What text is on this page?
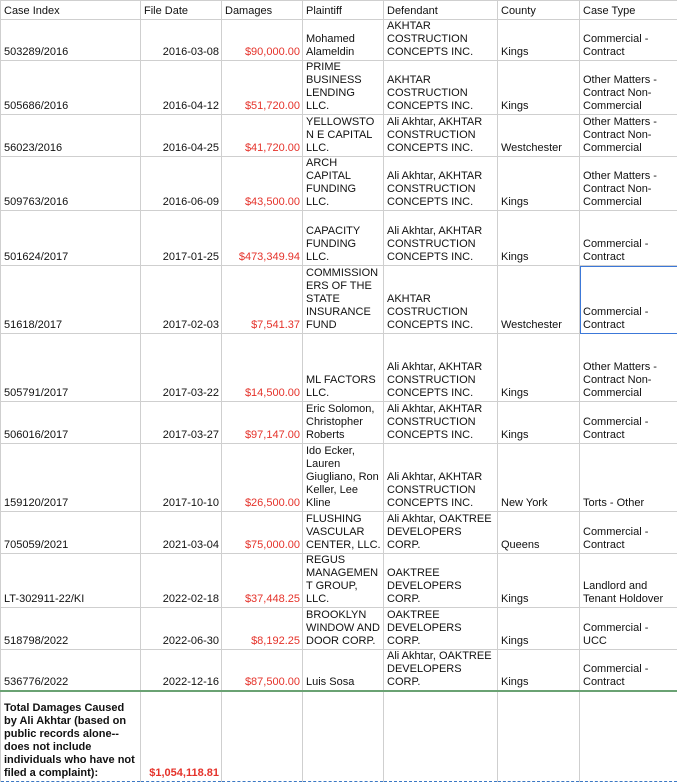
Case Index	File Date	Damages	Plaintiff	Defendant	County	Case Type
503289/2016	2016-03-08	$90,000.00	Mohamed Alameldin	AKHTAR COSTRUCTION CONCEPTS INC.	Kings	Commercial - Contract
505686/2016	2016-04-12	$51,720.00	PRIME BUSINESS LENDING LLC.	AKHTAR COSTRUCTION CONCEPTS INC.	Kings	Other Matters - Contract Non-Commercial
56023/2016	2016-04-25	$41,720.00	YELLOWSTON E CAPITAL LLC.	Ali Akhtar, AKHTAR CONSTRUCTION CONCEPTS INC.	Westchester	Other Matters - Contract Non-Commercial
509763/2016	2016-06-09	$43,500.00	ARCH CAPITAL FUNDING LLC.	Ali Akhtar, AKHTAR CONSTRUCTION CONCEPTS INC.	Kings	Other Matters - Contract Non-Commercial
501624/2017	2017-01-25	$473,349.94	CAPACITY FUNDING LLC.	Ali Akhtar, AKHTAR CONSTRUCTION CONCEPTS INC.	Kings	Commercial - Contract
51618/2017	2017-02-03	$7,541.37	COMMISSION ERS OF THE STATE INSURANCE FUND	AKHTAR COSTRUCTION CONCEPTS INC.	Westchester	Commercial - Contract
505791/2017	2017-03-22	$14,500.00	ML FACTORS LLC.	Ali Akhtar, AKHTAR CONSTRUCTION CONCEPTS INC.	Kings	Other Matters - Contract Non-Commercial
506016/2017	2017-03-27	$97,147.00	Eric Solomon, Christopher Roberts	Ali Akhtar, AKHTAR CONSTRUCTION CONCEPTS INC.	Kings	Commercial - Contract
159120/2017	2017-10-10	$26,500.00	Ido Ecker, Lauren Giugliano, Ron Keller, Lee Kline	Ali Akhtar, AKHTAR CONSTRUCTION CONCEPTS INC.	New York	Torts - Other
705059/2021	2021-03-04	$75,000.00	FLUSHING VASCULAR CENTER, LLC.	Ali Akhtar, OAKTREE DEVELOPERS CORP.	Queens	Commercial - Contract
LT-302911-22/KI	2022-02-18	$37,448.25	REGUS MANAGEMEN T GROUP, LLC.	OAKTREE DEVELOPERS CORP.	Kings	Landlord and Tenant Holdover
518798/2022	2022-06-30	$8,192.25	BROOKLYN WINDOW AND DOOR CORP.	OAKTREE DEVELOPERS CORP.	Kings	Commercial - UCC
536776/2022	2022-12-16	$87,500.00	Luis Sosa	Ali Akhtar, OAKTREE DEVELOPERS CORP.	Kings	Commercial - Contract
Total Damages Caused by Ali Akhtar (based on public records alone--does not include individuals who have not filed a complaint):	$1,054,118.81					
